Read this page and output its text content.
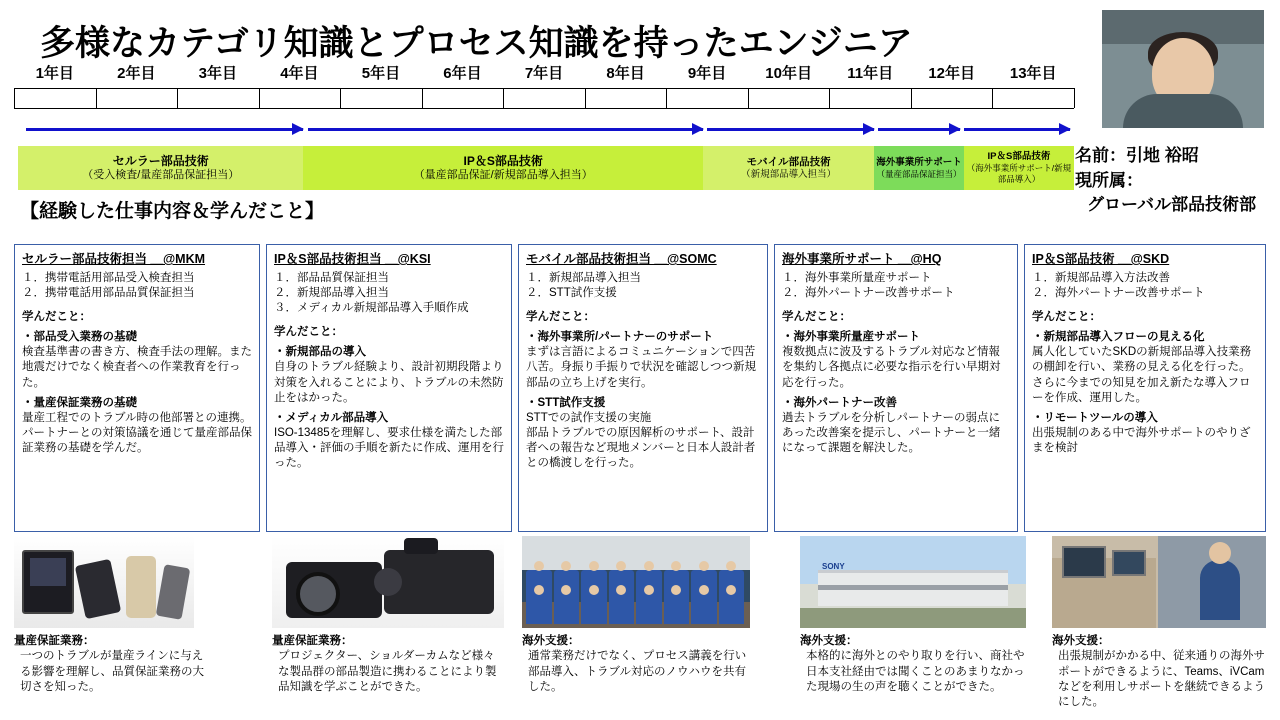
多様なカテゴリ知識とプロセス知識を持ったエンジニア
名前：引地 裕昭
現所属：
グローバル部品技術部
1年目	2年目	3年目	4年目	5年目	6年目	7年目	8年目	9年目	10年目 11年目 12年目 13年目
セルラー部品技術
（受入検査/量産部品保証担当）
IP＆S部品技術
（量産部品保証/新規部品導入担当）
モバイル部品技術
（新規部品導入担当）
海外事業所サポート
（量産部品保証担当）
IP＆S部品技術
（海外事業所サポート/新規部品導入）
【経験した仕事内容＆学んだこと】
セルラー部品技術担当 ＿@MKM
１．携帯電話用部品受入検査担当
２．携帯電話用部品品質保証担当
学んだこと：
・部品受入業務の基礎

検査基準書の書き方、検査手法の理解。また地震だけでなく検査者への作業教育を行った。

・量産保証業務の基礎

量産工程でのトラブル時の他部署との連携。パートナーとの対策協議を通じて量産部品保証業務の基礎を学んだ。

IP＆S部品技術担当 ＿@KSI
１．部品品質保証担当
２．新規部品導入担当
３．メディカル新規部品導入手順作成
学んだこと：
・新規部品の導入

自身のトラブル経験より、設計初期段階より対策を入れることにより、トラブルの未然防止をはかった。

・メディカル部品導入

ISO-13485を理解し、要求仕様を満たした部品導入・評価の手順を新たに作成、運用を行った。

モバイル部品技術担当 ＿@SOMC
１．新規部品導入担当
２．STT試作支援
学んだこと：
・海外事業所/パートナーのサポート

まずは言語によるコミュニケーションで四苦八苦。身振り手振りで状況を確認しつつ新規部品の立ち上げを実行。

・STT試作支援

STTでの試作支援の実施
部品トラブルでの原因解析のサポート、設計者への報告など現地メンバーと日本人設計者との橋渡しを行った。

海外事業所サポート ＿@HQ
１．海外事業所量産サポート
２．海外パートナー改善サポート
学んだこと：
・海外事業所量産サポート

複数拠点に波及するトラブル対応など情報を集約し各拠点に必要な指示を行い早期対応を行った。

・海外パートナー改善

過去トラブルを分析しパートナーの弱点にあった改善案を提示し、パートナーと一緒になって課題を解決した。

IP＆S部品技術 ＿@SKD
１．新規部品導入方法改善
２．海外パートナー改善サポート
学んだこと：
・新規部品導入フローの見える化

属人化していたSKDの新規部品導入技業務の棚卸を行い、業務の見える化を行った。
さらに今までの知見を加え新たな導入フローを作成、運用した。

・リモートツールの導入

出張規制のある中で海外サポートのやりざまを検討

量産保証業務：
一つのトラブルが量産ラインに与える影響を理解し、品質保証業務の大切さを知った。
量産保証業務：
プロジェクター、ショルダーカムなど様々な製品群の部品製造に携わることにより製品知識を学ぶことができた。
海外支援：
通常業務だけでなく、プロセス講義を行い部品導入、トラブル対応のノウハウを共有した。
SONY
海外支援：
本格的に海外とのやり取りを行い、商社や日本支社経由では聞くことのあまりなかった現場の生の声を聴くことができた。
海外支援：
出張規制がかかる中、従来通りの海外サポートができるように、Teams、iVCamなどを利用しサポートを継続できるようにした。
